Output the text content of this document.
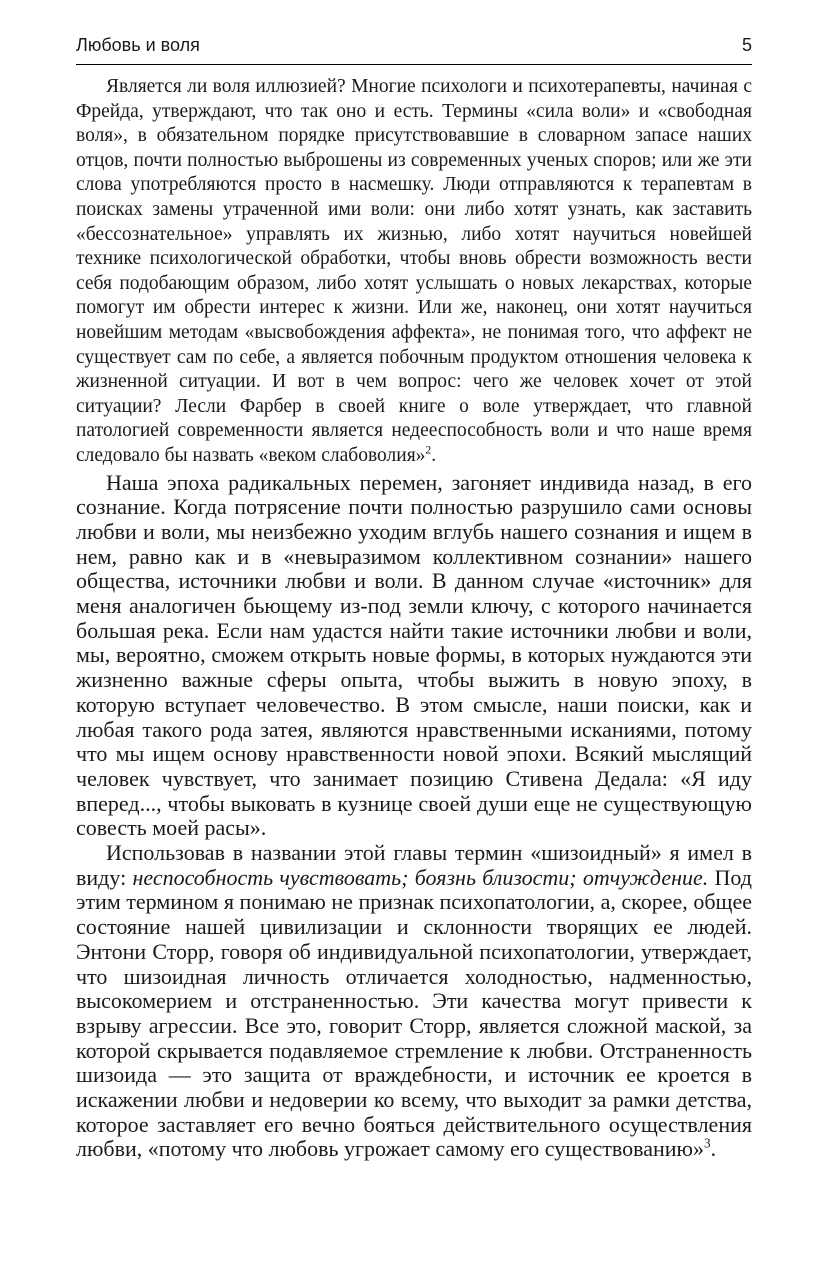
Любовь и воля	5

Является ли воля иллюзией? Многие психологи и психотерапевты, начиная с Фрейда, утверждают, что так оно и есть. Термины «сила воли» и «свободная воля», в обязательном порядке присутствовавшие в словарном запасе наших отцов, почти полностью выброшены из современных ученых споров; или же эти слова употребляются просто в насмешку. Люди отправляются к терапевтам в поисках замены утраченной ими воли: они либо хотят узнать, как заставить «бессознательное» управлять их жизнью, либо хотят научиться новейшей технике психологической обработки, чтобы вновь обрести возможность вести себя подобающим образом, либо хотят услышать о новых лекарствах, которые помогут им обрести интерес к жизни. Или же, наконец, они хотят научиться новейшим методам «высвобождения аффекта», не понимая того, что аффект не существует сам по себе, а является побочным продуктом отношения человека к жизненной ситуации. И вот в чем вопрос: чего же человек хочет от этой ситуации? Лесли Фарбер в своей книге о воле утверждает, что главной патологией современности является недееспособность воли и что наше время следовало бы назвать «веком слабоволия»$^2$.

Наша эпоха радикальных перемен, загоняет индивида назад, в его сознание. Когда потрясение почти полностью разрушило сами основы любви и воли, мы неизбежно уходим вглубь нашего сознания и ищем в нем, равно как и в «невыразимом коллективном сознании» нашего общества, источники любви и воли. В данном случае «источник» для меня аналогичен бьющему из-под земли ключу, с которого начинается большая река. Если нам удастся найти такие источники любви и воли, мы, вероятно, сможем открыть новые формы, в которых нуждаются эти жизненно важные сферы опыта, чтобы выжить в новую эпоху, в которую вступает человечество. В этом смысле, наши поиски, как и любая такого рода затея, являются нравственными исканиями, потому что мы ищем основу нравственности новой эпохи. Всякий мыслящий человек чувствует, что занимает позицию Стивена Дедала: «Я иду вперед..., чтобы выковать в кузнице своей души еще не существующую совесть моей расы».

Использовав в названии этой главы термин «шизоидный» я имел в виду: неспособность чувствовать; боязнь близости; отчуждение. Под этим термином я понимаю не признак психопатологии, а, скорее, общее состояние нашей цивилизации и склонности творящих ее людей. Энтони Сторр, говоря об индивидуальной психопатологии, утверждает, что шизоидная личность отличается холодностью, надменностью, высокомерием и отстраненностью. Эти качества могут привести к взрыву агрессии. Все это, говорит Сторр, является сложной маской, за которой скрывается подавляемое стремление к любви. Отстраненность шизоида — это защита от враждебности, и источник ее кроется в искажении любви и недоверии ко всему, что выходит за рамки детства, которое заставляет его вечно бояться действительного осуществления любви, «потому что любовь угрожает самому его существованию»$^3$.
